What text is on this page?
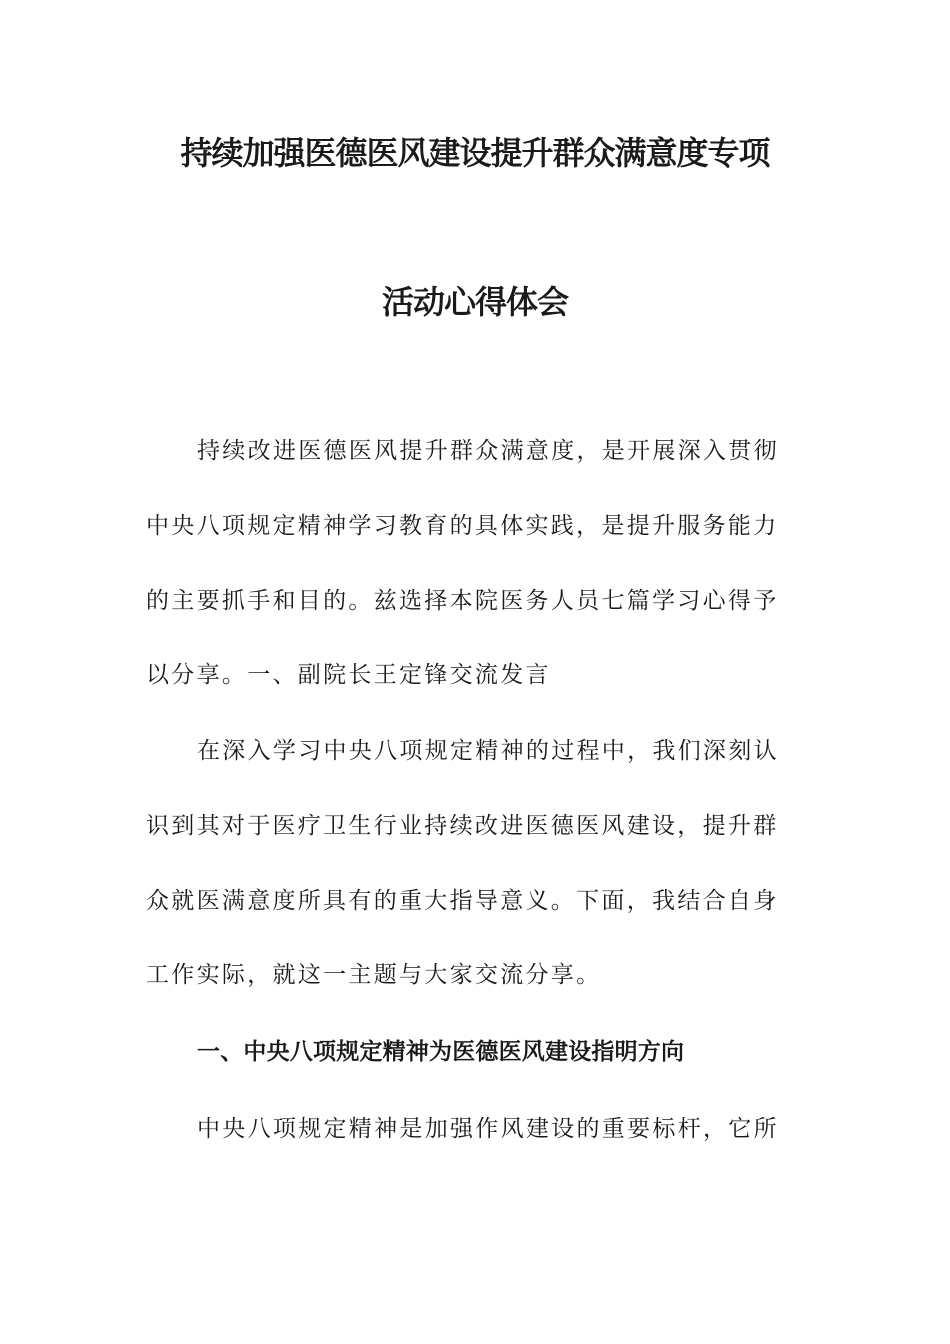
持续加强医德医风建设提升群众满意度专项
活动心得体会
持续改进医德医风提升群众满意度，是开展深入贯彻
中央八项规定精神学习教育的具体实践，是提升服务能力
的主要抓手和目的。兹选择本院医务人员七篇学习心得予
以分享。一、副院长王定锋交流发言
在深入学习中央八项规定精神的过程中，我们深刻认
识到其对于医疗卫生行业持续改进医德医风建设，提升群
众就医满意度所具有的重大指导意义。下面，我结合自身
工作实际，就这一主题与大家交流分享。
一、中央八项规定精神为医德医风建设指明方向
中央八项规定精神是加强作风建设的重要标杆，它所
